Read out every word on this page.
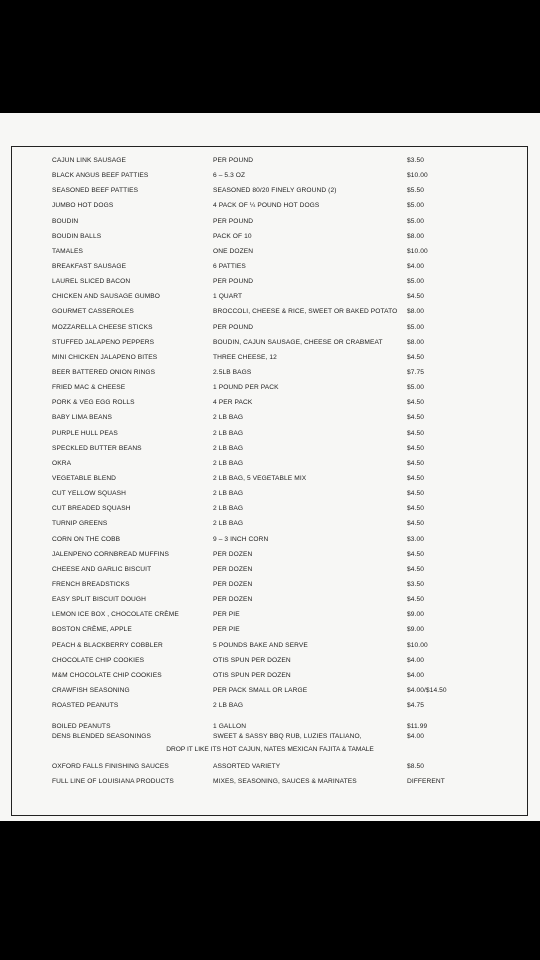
CAJUN LINK SAUSAGE	PER POUND	$3.50
BLACK ANGUS BEEF PATTIES	6 – 5.3 OZ	$10.00
SEASONED BEEF PATTIES	SEASONED 80/20 FINELY GROUND (2)	$5.50
JUMBO HOT DOGS	4 PACK OF ¼ POUND HOT DOGS	$5.00
BOUDIN	PER POUND	$5.00
BOUDIN BALLS	PACK OF 10	$8.00
TAMALES	ONE DOZEN	$10.00
BREAKFAST SAUSAGE	6 PATTIES	$4.00
LAUREL SLICED BACON	PER POUND	$5.00
CHICKEN AND SAUSAGE GUMBO	1 QUART	$4.50
GOURMET CASSEROLES	BROCCOLI, CHEESE & RICE, SWEET OR BAKED POTATO $8.00
MOZZARELLA CHEESE STICKS	PER POUND	$5.00
STUFFED JALAPENO PEPPERS	BOUDIN, CAJUN SAUSAGE, CHEESE OR CRABMEAT	$8.00
MINI CHICKEN JALAPENO BITES	THREE CHEESE, 12	$4.50
BEER BATTERED ONION RINGS	2.5LB BAGS	$7.75
FRIED MAC & CHEESE	1 POUND PER PACK	$5.00
PORK & VEG EGG ROLLS	4 PER PACK	$4.50
BABY LIMA BEANS	2 LB BAG	$4.50
PURPLE HULL PEAS	2 LB BAG	$4.50
SPECKLED BUTTER BEANS	2 LB BAG	$4.50
OKRA	2 LB BAG	$4.50
VEGETABLE BLEND	2 LB BAG, 5 VEGETABLE MIX	$4.50
CUT YELLOW SQUASH	2 LB BAG	$4.50
CUT BREADED SQUASH	2 LB BAG	$4.50
TURNIP GREENS	2 LB BAG	$4.50
CORN ON THE COBB	9 – 3 INCH CORN	$3.00
JALENPENO CORNBREAD MUFFINS	PER DOZEN	$4.50
CHEESE AND GARLIC BISCUIT	PER DOZEN	$4.50
FRENCH BREADSTICKS	PER DOZEN	$3.50
EASY SPLIT BISCUIT DOUGH	PER DOZEN	$4.50
LEMON ICE BOX , CHOCOLATE CRÈME	PER PIE	$9.00
BOSTON CRÈME, APPLE	PER PIE	$9.00
PEACH & BLACKBERRY COBBLER	5 POUNDS BAKE AND SERVE	$10.00
CHOCOLATE CHIP COOKIES	OTIS SPUN PER DOZEN	$4.00
M&M CHOCOLATE CHIP COOKIES	OTIS SPUN PER DOZEN	$4.00
CRAWFISH SEASONING	PER PACK SMALL OR LARGE	$4.00/$14.50
ROASTED PEANUTS	2 LB BAG	$4.75
BOILED PEANUTS	1 GALLON	$11.99
DENS BLENDED SEASONINGS	SWEET & SASSY BBQ RUB, LUZIES ITALIANO,	$4.00
DROP IT LIKE ITS HOT CAJUN, NATES MEXICAN FAJITA & TAMALE
OXFORD FALLS FINISHING SAUCES	ASSORTED VARIETY	$8.50
FULL LINE OF LOUISIANA PRODUCTS	MIXES, SEASONING, SAUCES & MARINATES	DIFFERENT
